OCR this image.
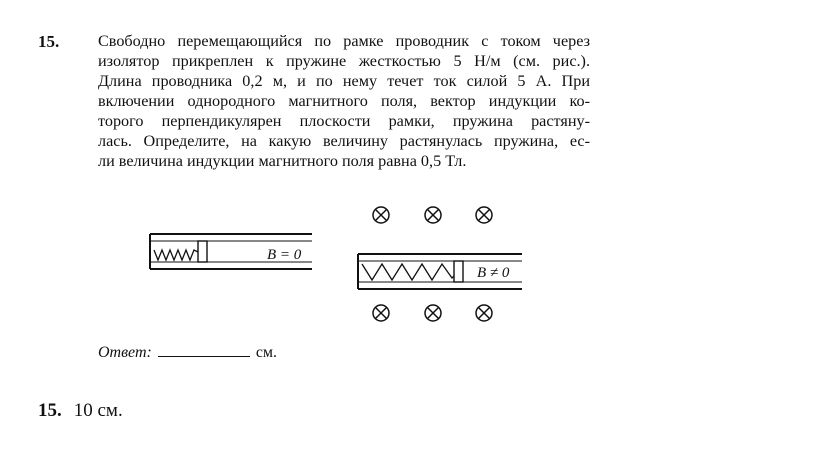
15. Свободно перемещающийся по рамке проводник с током через
изолятор прикреплен к пружине жесткостью 5 Н/м (см. рис.).
Длина проводника 0,2 м, и по нему течет ток силой 5 А. При
включении однородного магнитного поля, вектор индукции ко-
торого перпендикулярен плоскости рамки, пружина растяну-
лась. Определите, на какую величину растянулась пружина, ес-
ли величина индукции магнитного поля равна 0,5 Тл.
B = 0
B ≠ 0
Ответ:	см.
15. 10 см.
